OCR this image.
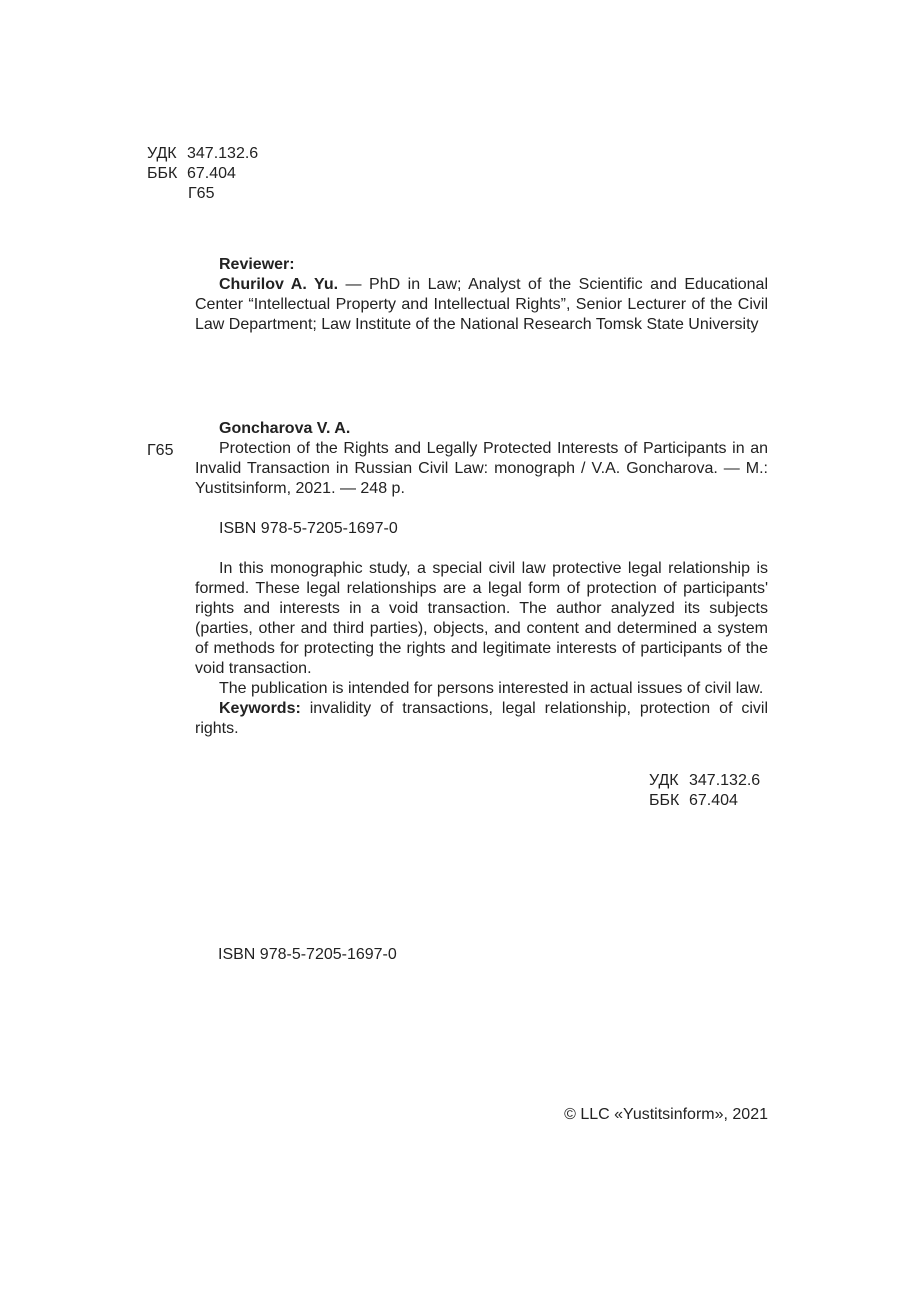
УДК 347.132.6
ББК 67.404
Г65

Reviewer:

Churilov A. Yu. — PhD in Law; Analyst of the Scientific and Educational Center “Intellectual Property and Intellectual Rights”, Senior Lecturer of the Civil Law Department; Law Institute of the National Research Tomsk State University

Goncharova V. A.

Protection of the Rights and Legally Protected Interests of Participants in an Invalid Transaction in Russian Civil Law: monograph / V.A. Goncharova. — M.: Yustitsinform, 2021. — 248 p.

ISBN 978-5-7205-1697-0

Г65

In this monographic study, a special civil law protective legal relationship is formed. These legal relationships are a legal form of protection of participants' rights and interests in a void transaction. The author analyzed its subjects (parties, other and third parties), objects, and content and determined a system of methods for protecting the rights and legitimate interests of participants of the void transaction.

The publication is intended for persons interested in actual issues of civil law.

Keywords: invalidity of transactions, legal relationship, protection of civil rights.

УДК 347.132.6
ББК 67.404
ISBN 978-5-7205-1697-0
© LLC «Yustitsinform», 2021
